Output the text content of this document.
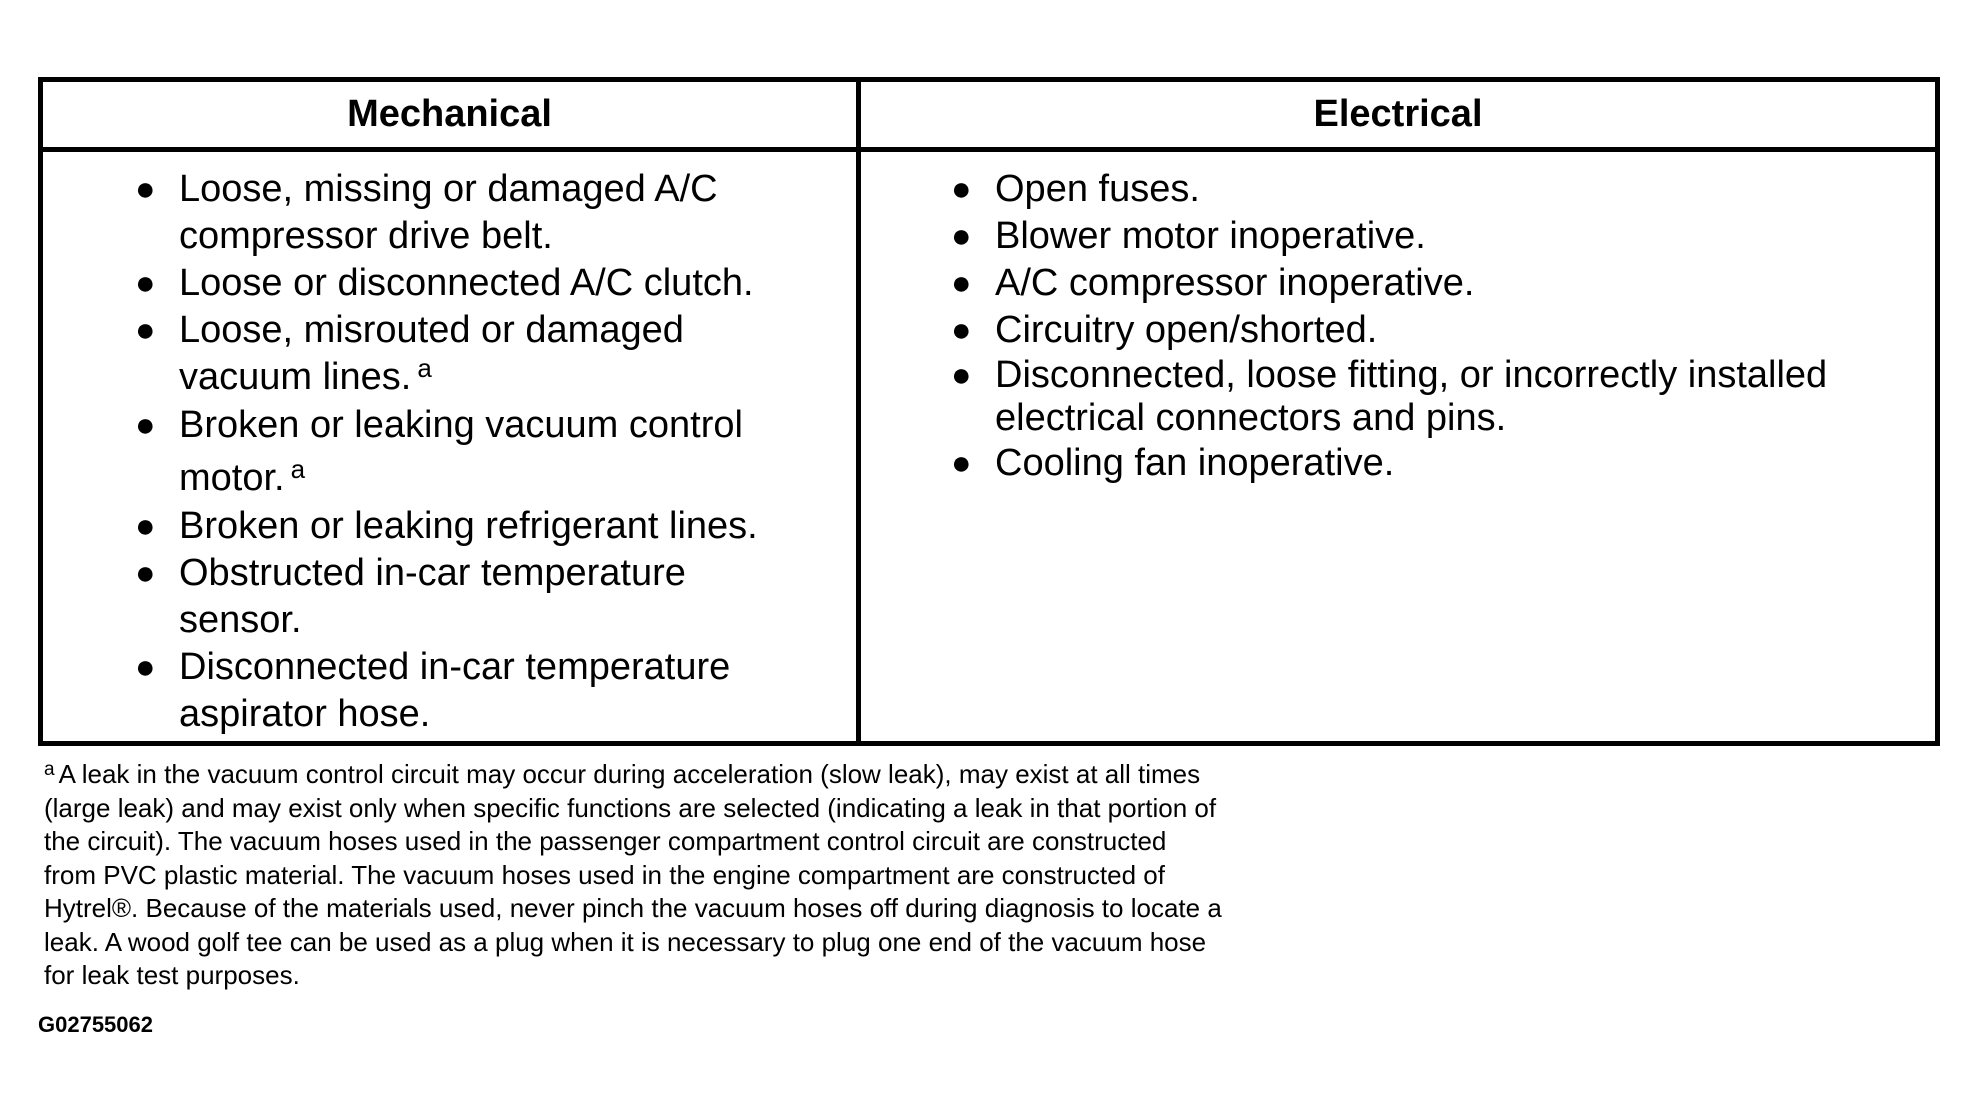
Mechanical	Electrical
● Loose, missing or damaged A/C
compressor drive belt.
● Loose or disconnected A/C clutch.
● Loose, misrouted or damaged
vacuum lines. $^a$
● Broken or leaking vacuum control
motor. $^a$
● Broken or leaking refrigerant lines.
● Obstructed in-car temperature
sensor.
● Disconnected in-car temperature
aspirator hose.
● Open fuses.
● Blower motor inoperative.
● A/C compressor inoperative.
● Circuitry open/shorted.
● Disconnected, loose fitting, or incorrectly installed
electrical connectors and pins.
● Cooling fan inoperative.
$^a$ A leak in the vacuum control circuit may occur during acceleration (slow leak), may exist at all times
(large leak) and may exist only when specific functions are selected (indicating a leak in that portion of
the circuit). The vacuum hoses used in the passenger compartment control circuit are constructed
from PVC plastic material. The vacuum hoses used in the engine compartment are constructed of
Hytrel®. Because of the materials used, never pinch the vacuum hoses off during diagnosis to locate a
leak. A wood golf tee can be used as a plug when it is necessary to plug one end of the vacuum hose
for leak test purposes.
G02755062
